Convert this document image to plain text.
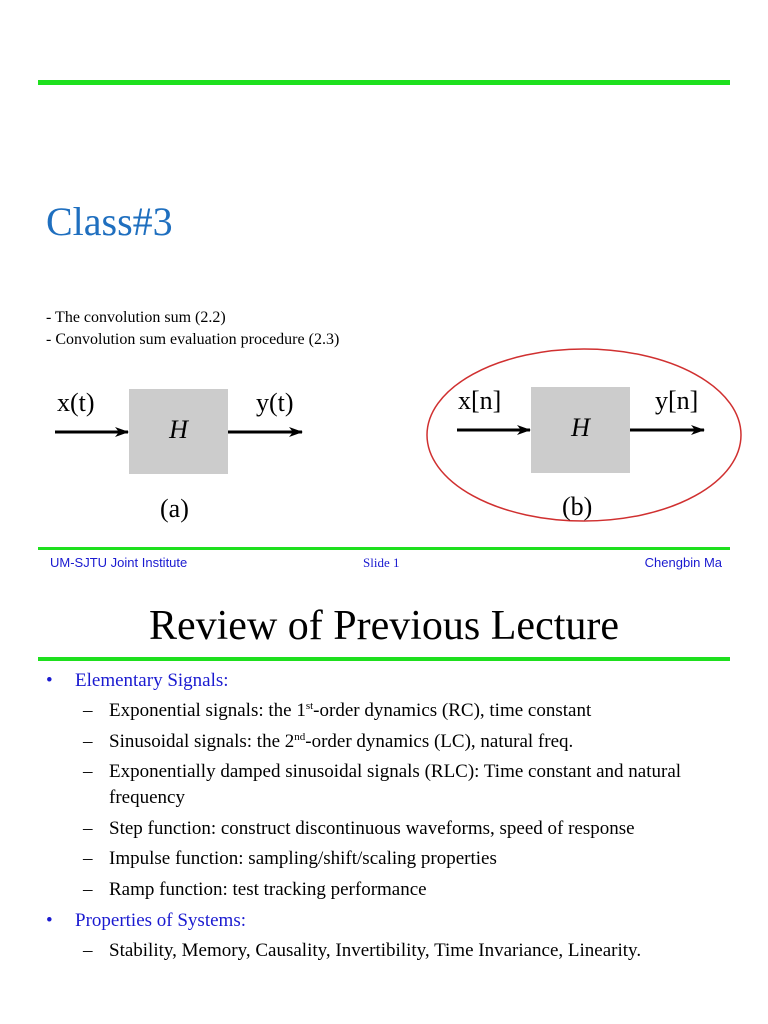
Class#3
- The convolution sum (2.2)
- Convolution sum evaluation procedure (2.3)
H
x(t)	y(t)
(a)
H
x[n]	y[n]
(b)
UM-SJTU Joint Institute	Slide 1	Chengbin Ma
Review of Previous Lecture
• Elementary Signals:
– Exponential signals: the 1st-order dynamics (RC), time constant
– Sinusoidal signals: the 2nd-order dynamics (LC), natural freq.
– Exponentially damped sinusoidal signals (RLC): Time constant and natural frequency
– Step function: construct discontinuous waveforms, speed of response
– Impulse function: sampling/shift/scaling properties
– Ramp function: test tracking performance
• Properties of Systems:
– Stability, Memory, Causality, Invertibility, Time Invariance, Linearity.
